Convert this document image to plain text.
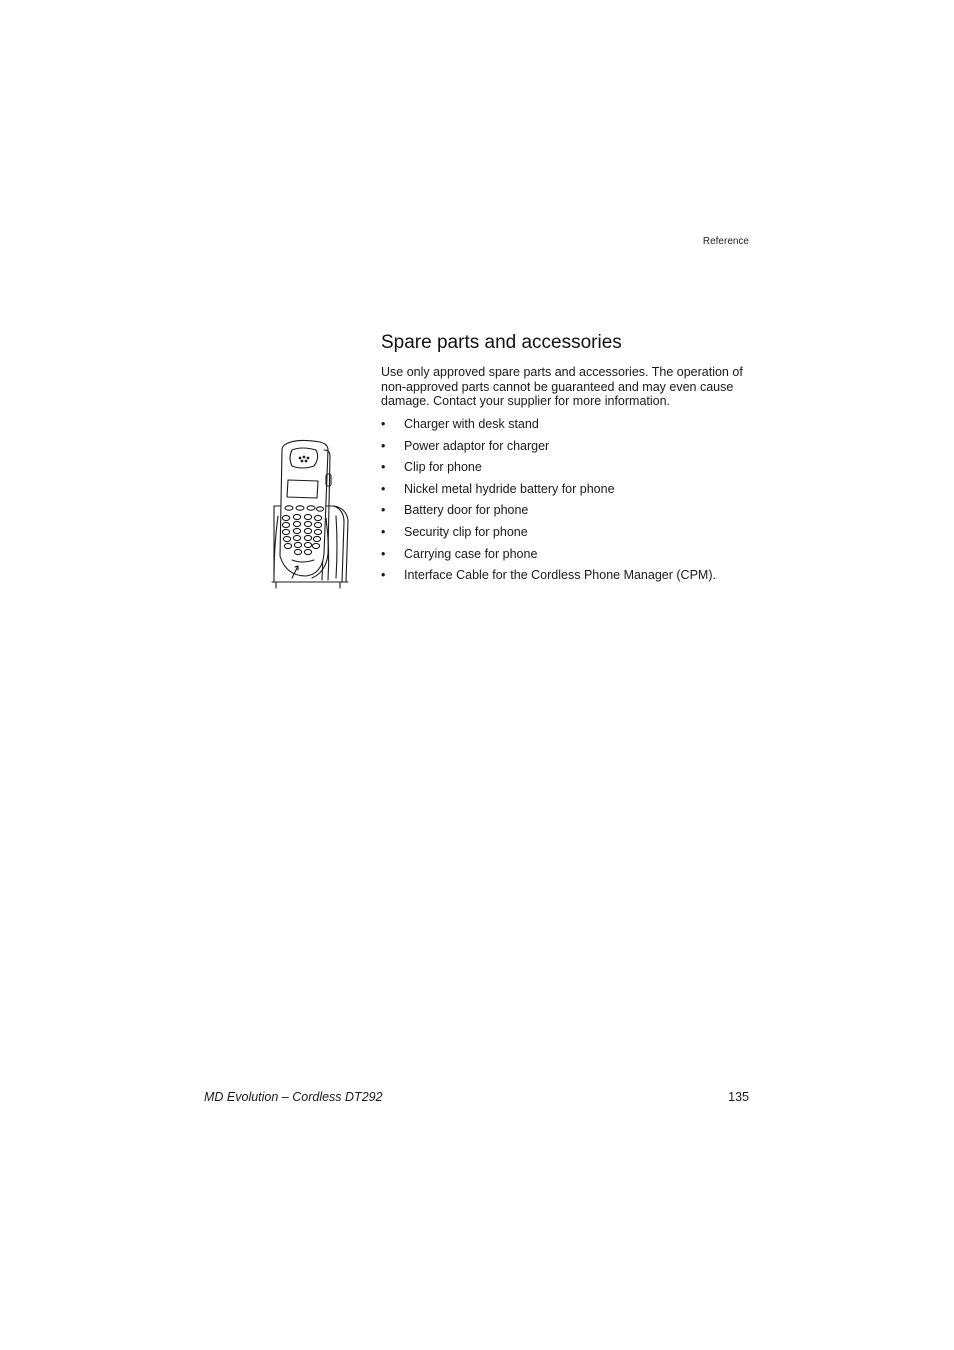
Reference
Spare parts and accessories

Use only approved spare parts and accessories. The operation of non-approved parts cannot be guaranteed and may even cause damage. Contact your supplier for more information.

• Charger with desk stand
• Power adaptor for charger
• Clip for phone
• Nickel metal hydride battery for phone
• Battery door for phone
• Security clip for phone
• Carrying case for phone
• Interface Cable for the Cordless Phone Manager (CPM).
MD Evolution – Cordless DT292	135
